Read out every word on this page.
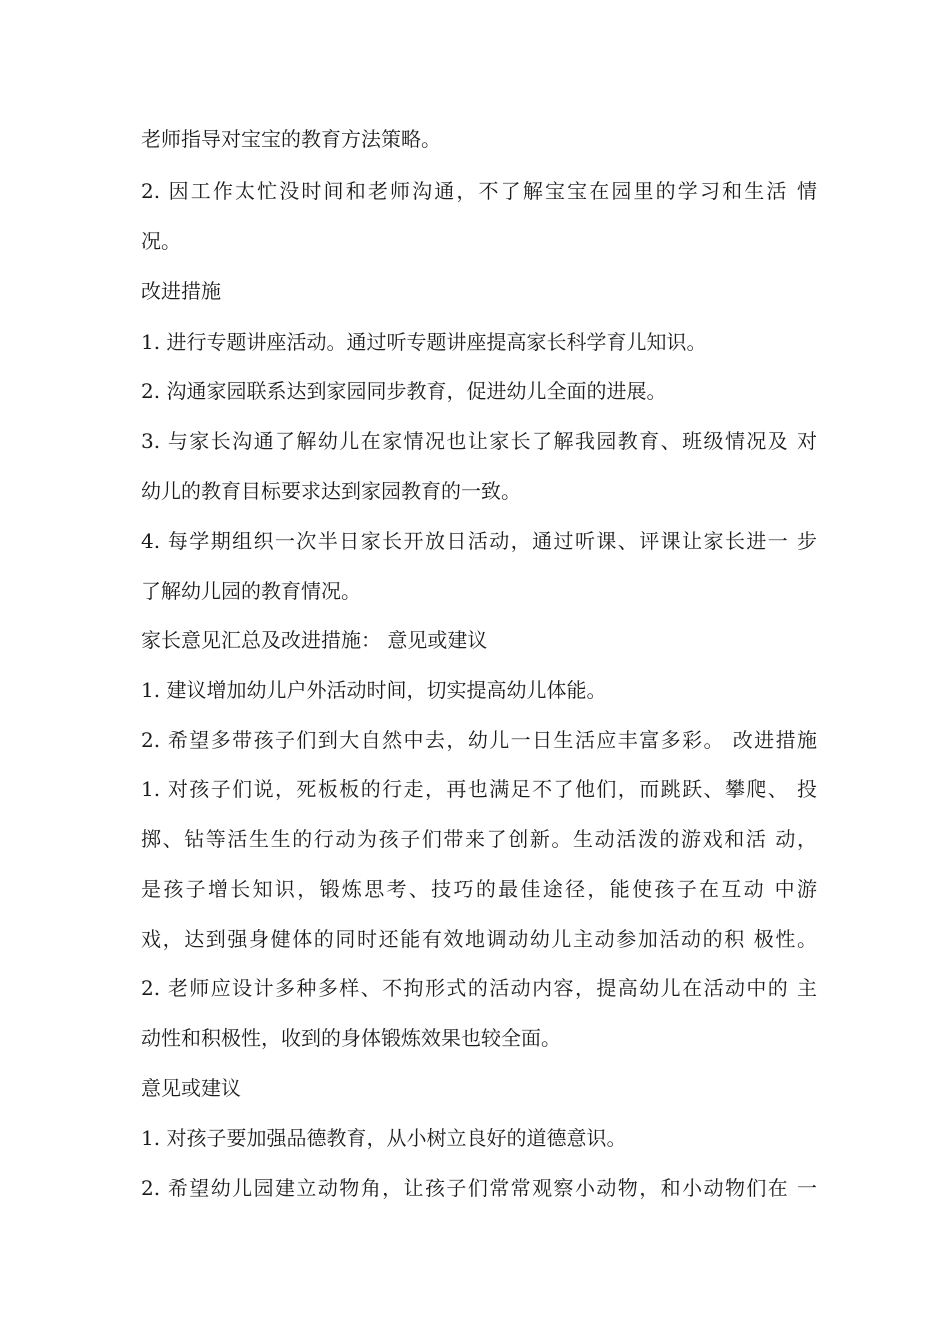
老师指导对宝宝的教育方法策略。
2. 因工作太忙没时间和老师沟通，不了解宝宝在园里的学习和生活 情
况。
改进措施
1. 进行专题讲座活动。通过听专题讲座提高家长科学育儿知识。
2. 沟通家园联系达到家园同步教育，促进幼儿全面的进展。
3. 与家长沟通了解幼儿在家情况也让家长了解我园教育、班级情况及 对
幼儿的教育目标要求达到家园教育的一致。
4. 每学期组织一次半日家长开放日活动，通过听课、评课让家长进一 步
了解幼儿园的教育情况。
家长意见汇总及改进措施： 意见或建议
1. 建议增加幼儿户外活动时间，切实提高幼儿体能。
2. 希望多带孩子们到大自然中去，幼儿一日生活应丰富多彩。 改进措施
1. 对孩子们说，死板板的行走，再也满足不了他们，而跳跃、攀爬、 投
掷、钻等活生生的行动为孩子们带来了创新。生动活泼的游戏和活 动，
是孩子增长知识，锻炼思考、技巧的最佳途径，能使孩子在互动 中游
戏，达到强身健体的同时还能有效地调动幼儿主动参加活动的积 极性。
2. 老师应设计多种多样、不拘形式的活动内容，提高幼儿在活动中的 主
动性和积极性，收到的身体锻炼效果也较全面。
意见或建议
1. 对孩子要加强品德教育，从小树立良好的道德意识。
2. 希望幼儿园建立动物角，让孩子们常常观察小动物，和小动物们在 一
